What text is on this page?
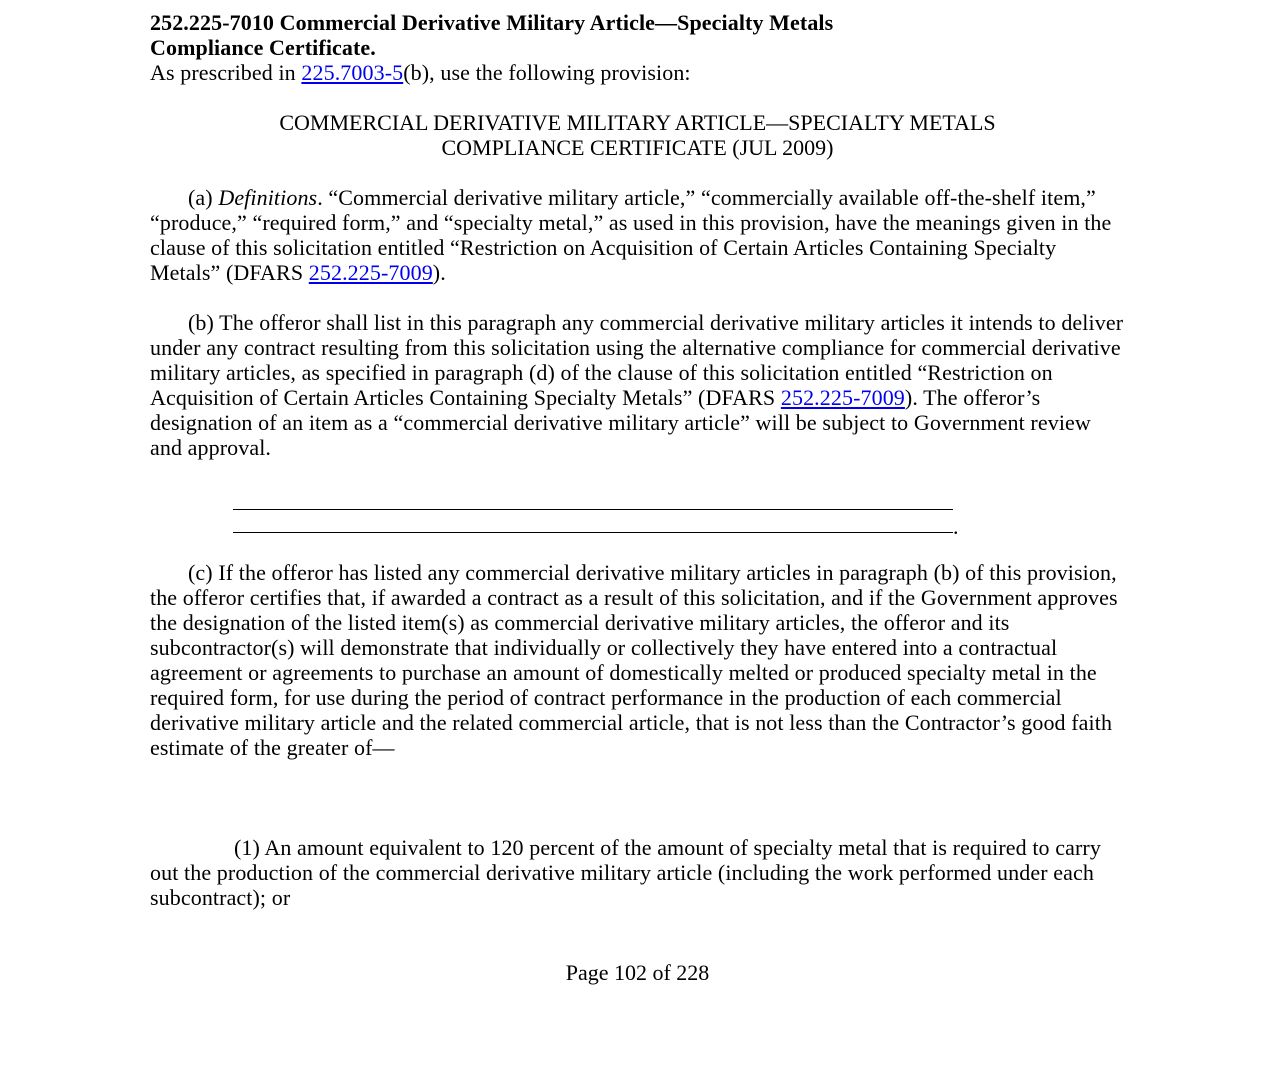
252.225-7010 Commercial Derivative Military Article—Specialty Metals
Compliance Certificate.

As prescribed in 225.7003-5(b), use the following provision:

COMMERCIAL DERIVATIVE MILITARY ARTICLE—SPECIALTY METALS
COMPLIANCE CERTIFICATE (JUL 2009)

(a) Definitions. “Commercial derivative military article,” “commercially available off-the-shelf item,” “produce,” “required form,” and “specialty metal,” as used in this provision, have the meanings given in the clause of this solicitation entitled “Restriction on Acquisition of Certain Articles Containing Specialty Metals” (DFARS 252.225-7009).

(b) The offeror shall list in this paragraph any commercial derivative military articles it intends to deliver under any contract resulting from this solicitation using the alternative compliance for commercial derivative military articles, as specified in paragraph (d) of the clause of this solicitation entitled “Restriction on Acquisition of Certain Articles Containing Specialty Metals” (DFARS 252.225-7009). The offeror’s designation of an item as a “commercial derivative military article” will be subject to Government review and approval.

.

(c) If the offeror has listed any commercial derivative military articles in paragraph (b) of this provision, the offeror certifies that, if awarded a contract as a result of this solicitation, and if the Government approves the designation of the listed item(s) as commercial derivative military articles, the offeror and its subcontractor(s) will demonstrate that individually or collectively they have entered into a contractual agreement or agreements to purchase an amount of domestically melted or produced specialty metal in the required form, for use during the period of contract performance in the production of each commercial derivative military article and the related commercial article, that is not less than the Contractor’s good faith estimate of the greater of—

(1) An amount equivalent to 120 percent of the amount of specialty metal that is required to carry out the production of the commercial derivative military article (including the work performed under each subcontract); or

Page 102 of 228
